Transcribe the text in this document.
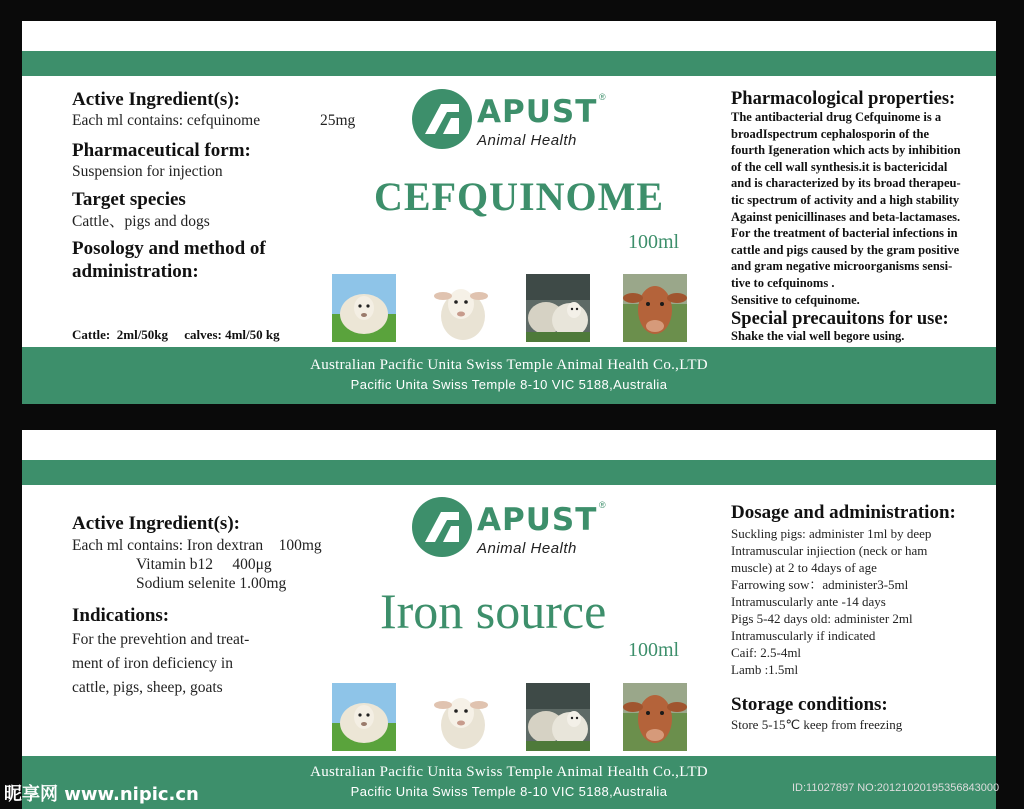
Active Ingredient(s):
Each ml contains: cefquinome	25mg
Pharmaceutical form:
Suspension for injection
Target species
Cattle、pigs and dogs
Posology and method of
administration:

Cattle:  2ml/50kg     calves: 4ml/50 kg

APUST ®
Animal Health
CEFQUINOME
100ml
Pharmacological properties:
The antibacterial drug Cefquinome is a
broadIspectrum cephalosporin of the
fourth Igeneration which acts by inhibition
of the cell wall synthesis.it is bactericidal
and is characterized by its broad therapeu-
tic spectrum of activity and a high stability
Against penicillinases and beta-lactamases.
For the treatment of bacterial infections in
cattle and pigs caused by the gram positive
and gram negative microorganisms sensi-
tive to cefquinoms .
Sensitive to cefquinome.
Special precauitons for use:
Shake the vial well begore using.
Australian Pacific Unita Swiss Temple Animal Health Co.,LTD
Pacific Unita Swiss Temple 8-10 VIC 5188,Australia
Active Ingredient(s):
Each ml contains: Iron dextran    100mg
Vitamin b12     400μg
Sodium selenite 1.00mg
Indications:
For the prevehtion and treat-
ment of iron deficiency in
cattle, pigs, sheep, goats
APUST ®
Animal Health
Iron source
100ml
Dosage and administration:
Suckling pigs: administer 1ml by deep
Intramuscular injiection (neck or ham
muscle) at 2 to 4days of age
Farrowing sow：administer3-5ml
Intramuscularly ante -14 days
Pigs 5-42 days old: administer 2ml
Intramuscularly if indicated
Caif: 2.5-4ml
Lamb :1.5ml
Storage conditions:
Store 5-15℃ keep from freezing
Australian Pacific Unita Swiss Temple Animal Health Co.,LTD
Pacific Unita Swiss Temple 8-10 VIC 5188,Australia
昵享网 www.nipic.cn	ID:11027897 NO:20121020195356843000
